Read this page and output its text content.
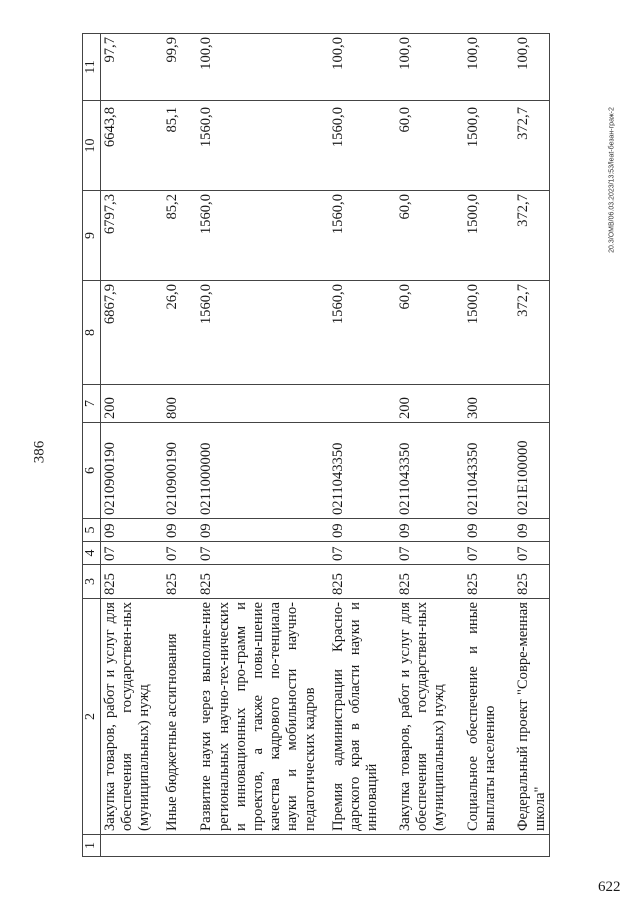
386
1	2	3	4	5	6	7	8	9	10	11
	Закупка товаров, работ и услуг для обеспечения государствен-ных (муниципальных) нужд	825	07	09	0210900190	200	6867,9	6797,3	6643,8	97,7
	Иные бюджетные ассигнования	825	07	09	0210900190	800	26,0	85,2	85,1	99,9
	Развитие науки через выполне-ние региональных научно-тех-нических и инновационных про-грамм и проектов, а также повы-шение качества кадрового по-тенциала науки и мобильности научно-педагогических кадров	825	07	09	0211000000		1560,0	1560,0	1560,0	100,0
	Премия администрации Красно-дарского края в области науки и инноваций	825	07	09	0211043350		1560,0	1560,0	1560,0	100,0
	Закупка товаров, работ и услуг для обеспечения государствен-ных (муниципальных) нужд	825	07	09	0211043350	200	60,0	60,0	60,0	100,0
	Социальное обеспечение и иные выплаты населению	825	07	09	0211043350	300	1500,0	1500,0	1500,0	100,0
	Федеральный проект "Совре-менная школа"	825	07	09	021Е100000		372,7	372,7	372,7	100,0
20.3/ОМВ/06.03.2023/13:53/leat-безан-граж-2
622
